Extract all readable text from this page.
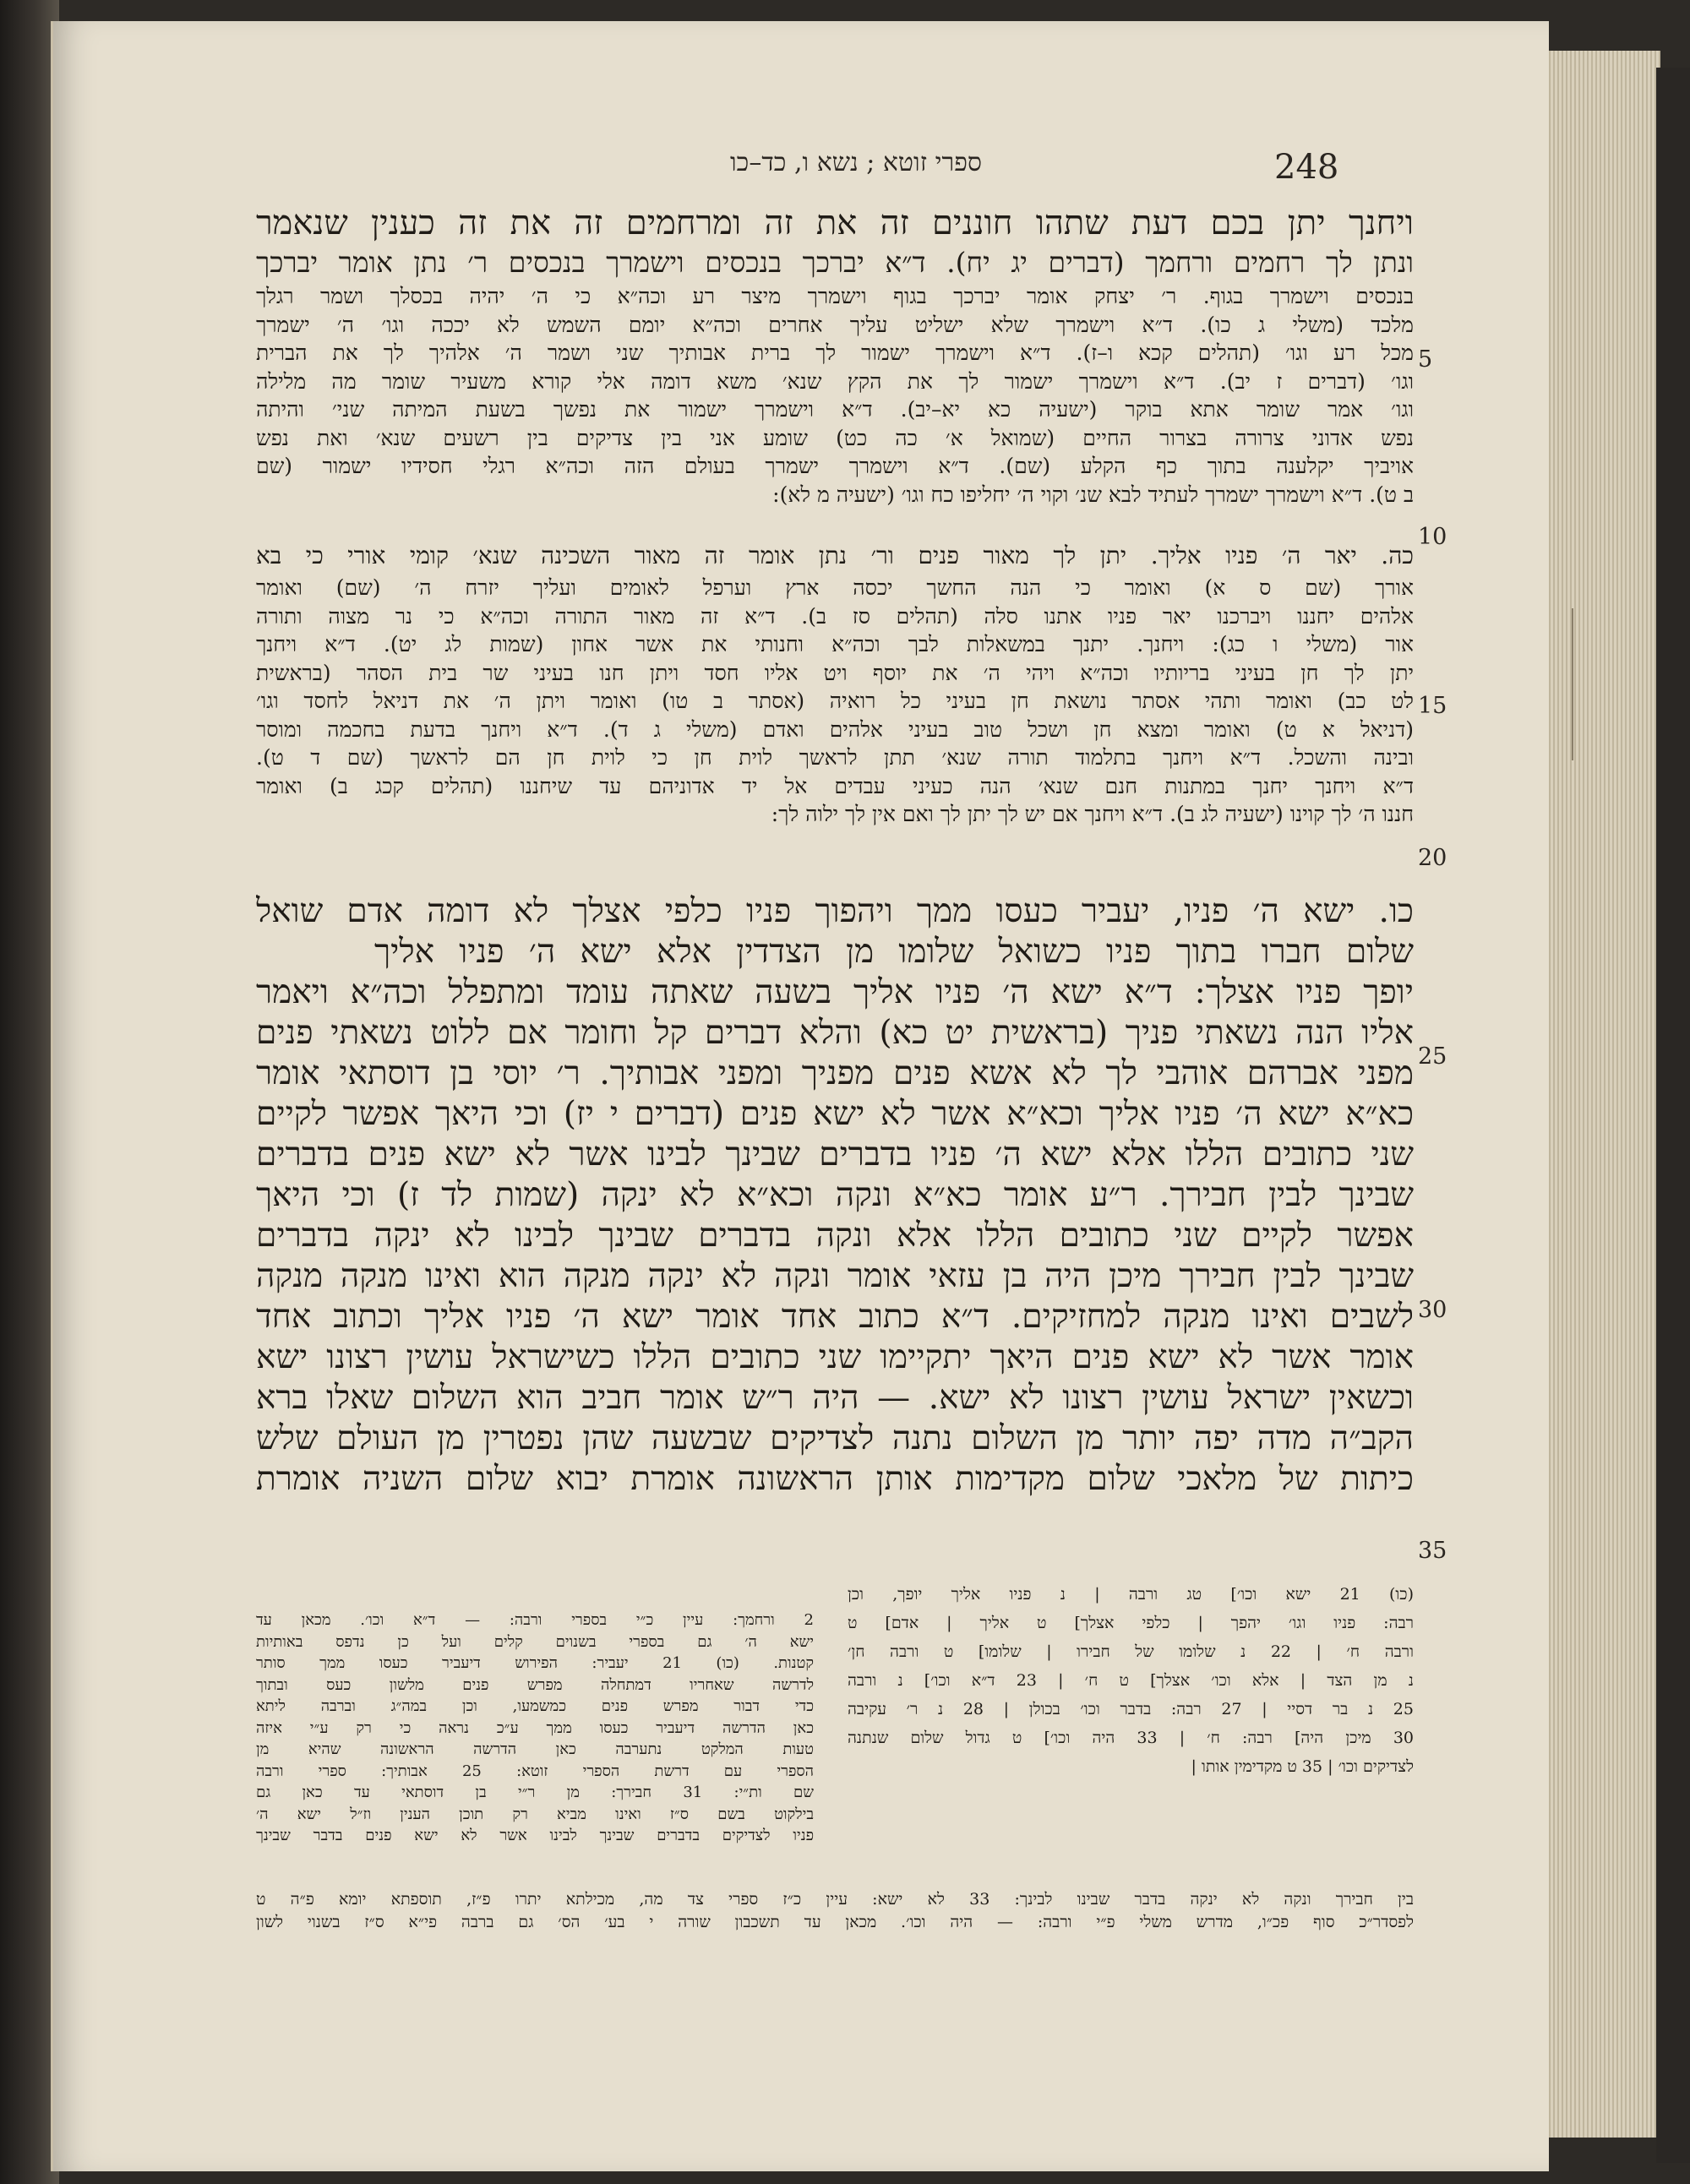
ספרי זוטא ; נשא ו, כד–כו	248
ויחנך יתן בכם דעת שתהו חוננים זה את זה ומרחמים זה את זה כענין שנאמר
ונתן לך רחמים ורחמך (דברים יג יח). ד״א יברכך בנכסים וישמרך בנכסים ר׳ נתן אומר יברכך
בנכסים וישמרך בגוף. ר׳ יצחק אומר יברכך בגוף וישמרך מיצר רע וכה״א כי ה׳ יהיה בכסלך ושמר רגלך
מלכד (משלי ג כו). ד״א וישמרך שלא ישליט עליך אחרים וכה״א יומם השמש לא יככה וגו׳ ה׳ ישמרך
מכל רע וגו׳ (תהלים קכא ו–ז). ד״א וישמרך ישמור לך ברית אבותיך שני ושמר ה׳ אלהיך לך את הברית
וגו׳ (דברים ז יב). ד״א וישמרך ישמור לך את הקץ שנא׳ משא דומה אלי קורא משעיר שומר מה מלילה
וגו׳ אמר שומר אתא בוקר (ישעיה כא יא–יב). ד״א וישמרך ישמור את נפשך בשעת המיתה שני׳ והיתה
נפש אדוני צרורה בצרור החיים (שמואל א׳ כה כט) שומע אני בין צדיקים בין רשעים שנא׳ ואת נפש
אויביך יקלענה בתוך כף הקלע (שם). ד״א וישמרך ישמרך בעולם הזה וכה״א רגלי חסידיו ישמור (שם
ב ט). ד״א וישמרך ישמרך לעתיד לבא שנ׳ וקוי ה׳ יחליפו כח וגו׳ (ישעיה מ לא):
כה. יאר ה׳ פניו אליך. יתן לך מאור פנים ור׳ נתן אומר זה מאור השכינה שנא׳ קומי אורי כי בא
אורך (שם ס א) ואומר כי הנה החשך יכסה ארץ וערפל לאומים ועליך יזרח ה׳ (שם) ואומר
אלהים יחננו ויברכנו יאר פניו אתנו סלה (תהלים סז ב). ד״א זה מאור התורה וכה״א כי נר מצוה ותורה
אור (משלי ו כג): ויחנך. יתנך במשאלות לבך וכה״א וחנותי את אשר אחון (שמות לג יט). ד״א ויחנך
יתן לך חן בעיני בריותיו וכה״א ויהי ה׳ את יוסף ויט אליו חסד ויתן חנו בעיני שר בית הסהר (בראשית
לט כב) ואומר ותהי אסתר נושאת חן בעיני כל רואיה (אסתר ב טו) ואומר ויתן ה׳ את דניאל לחסד וגו׳
(דניאל א ט) ואומר ומצא חן ושכל טוב בעיני אלהים ואדם (משלי ג ד). ד״א ויחנך בדעת בחכמה ומוסר
ובינה והשכל. ד״א ויחנך בתלמוד תורה שנא׳ תתן לראשך לוית חן כי לוית חן הם לראשך (שם ד ט).
ד״א ויחנך יחנך במתנות חנם שנא׳ הנה כעיני עבדים אל יד אדוניהם עד שיחננו (תהלים קכג ב) ואומר
חננו ה׳ לך קוינו (ישעיה לג ב). ד״א ויחנך אם יש לך יתן לך ואם אין לך ילוה לך:
כו. ישא ה׳ פניו, יעביר כעסו ממך ויהפוך פניו כלפי אצלך לא דומה אדם שואל
שלום חברו בתוך פניו כשואל שלומו מן הצדדין אלא ישא ה׳ פניו אליך
יופך פניו אצלך: ד״א ישא ה׳ פניו אליך בשעה שאתה עומד ומתפלל וכה״א ויאמר
אליו הנה נשאתי פניך (בראשית יט כא) והלא דברים קל וחומר אם ללוט נשאתי פנים
מפני אברהם אוהבי לך לא אשא פנים מפניך ומפני אבותיך. ר׳ יוסי בן דוסתאי אומר
כא״א ישא ה׳ פניו אליך וכא״א אשר לא ישא פנים (דברים י יז) וכי היאך אפשר לקיים
שני כתובים הללו אלא ישא ה׳ פניו בדברים שבינך לבינו אשר לא ישא פנים בדברים
שבינך לבין חבירך. ר״ע אומר כא״א ונקה וכא״א לא ינקה (שמות לד ז) וכי היאך
אפשר לקיים שני כתובים הללו אלא ונקה בדברים שבינך לבינו לא ינקה בדברים
שבינך לבין חבירך מיכן היה בן עזאי אומר ונקה לא ינקה מנקה הוא ואינו מנקה מנקה
לשבים ואינו מנקה למחזיקים. ד״א כתוב אחד אומר ישא ה׳ פניו אליך וכתוב אחד
אומר אשר לא ישא פנים היאך יתקיימו שני כתובים הללו כשישראל עושין רצונו ישא
וכשאין ישראל עושין רצונו לא ישא. — היה ר״ש אומר חביב הוא השלום שאלו ברא
הקב״ה מדה יפה יותר מן השלום נתנה לצדיקים שבשעה שהן נפטרין מן העולם שלש
כיתות של מלאכי שלום מקדימות אותן הראשונה אומרת יבוא שלום השניה אומרת
5
10
15
20
25
30
35
(כו) 21 ישא וכו׳] טג ורבה | נ פניו אליך יופך, וכן
רבה: פניו וגו׳ יהפך | כלפי אצלך] ט אליך | אדם] ט
ורבה ח׳ | 22 נ שלומו של חבירו | שלומו] ט ורבה חן׳
נ מן הצד | אלא וכו׳ אצלך] ט ח׳ | 23 ד״א וכו׳] נ ורבה
25 נ בר דסיי | 27 רבה: בדבר וכו׳ בכולן | 28 נ ר׳ עקיבה
30 מיכן היה] רבה: ח׳ | 33 היה וכו׳] ט גדול שלום שנתנה
לצדיקים וכו׳ | 35 ט מקדימין אותו |
2 ורחמך: עיין כ״י בספרי ורבה: — ד״א וכו׳. מכאן עד
ישא ה׳ גם בספרי בשנוים קלים ועל כן נדפס באותיות
קטנות. (כו) 21 יעביר: הפירוש דיעביר כעסו ממך סותר
לדרשה שאחריו דמתחלה מפרש פנים מלשון כעס ובתוך
כדי דבור מפרש פנים כמשמעו, וכן במה״ג וברבה ליתא
כאן הדרשה דיעביר כעסו ממך ע״כ נראה כי רק ע״י איזה
טעות המלקט נתערבה כאן הדרשה הראשונה שהיא מן
הספרי עם דרשת הספרי זוטא: 25 אבותיך: ספרי ורבה
שם ות״י: 31 חבירך: מן ר״י בן דוסתאי עד כאן גם
בילקוט בשם ס״ז ואינו מביא רק תוכן הענין וז״ל ישא ה׳
פניו לצדיקים בדברים שבינך לבינו אשר לא ישא פנים בדבר שבינך
בין חבירך ונקה לא ינקה בדבר שבינו לבינך: 33 לא ישא: עיין כ״ז ספרי צד מה, מכילתא יתרו פ״ז, תוספתא יומא פ״ה ט
לפסדר״כ סוף פכ״ו, מדרש משלי פ״י ורבה: — היה וכו׳. מכאן עד תשכבון שורה י בע׳ הס׳ גם ברבה פי״א ס״ז בשנוי לשון
